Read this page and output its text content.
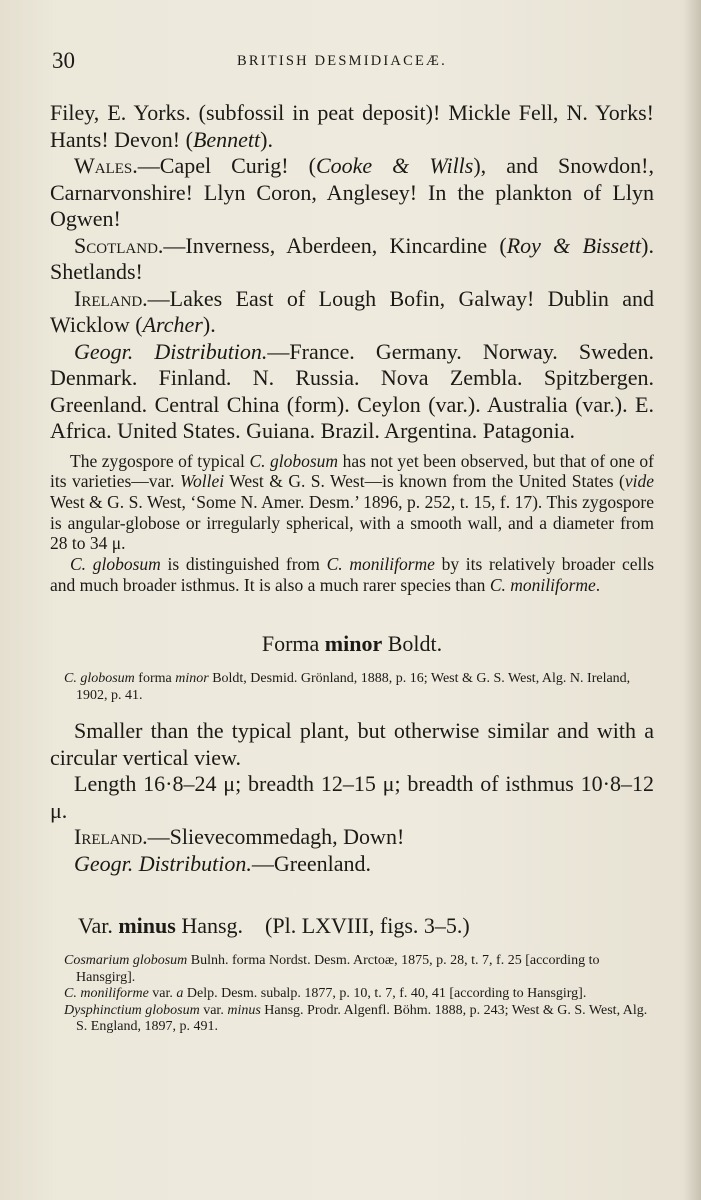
30	BRITISH DESMIDIACEÆ.

Filey, E. Yorks. (subfossil in peat deposit)! Mickle Fell, N. Yorks! Hants! Devon! (Bennett).

Wales.—Capel Curig! (Cooke & Wills), and Snowdon!, Carnarvonshire! Llyn Coron, Anglesey! In the plankton of Llyn Ogwen!

Scotland.—Inverness, Aberdeen, Kincardine (Roy & Bissett). Shetlands!

Ireland.—Lakes East of Lough Bofin, Galway! Dublin and Wicklow (Archer).

Geogr. Distribution.—France. Germany. Norway. Sweden. Denmark. Finland. N. Russia. Nova Zembla. Spitzbergen. Greenland. Central China (form). Ceylon (var.). Australia (var.). E. Africa. United States. Guiana. Brazil. Argentina. Patagonia.

The zygospore of typical C. globosum has not yet been observed, but that of one of its varieties—var. Wollei West & G. S. West—is known from the United States (vide West & G. S. West, ‘Some N. Amer. Desm.’ 1896, p. 252, t. 15, f. 17). This zygospore is angular-globose or irregularly spherical, with a smooth wall, and a diameter from 28 to 34 μ.

C. globosum is distinguished from C. moniliforme by its relatively broader cells and much broader isthmus. It is also a much rarer species than C. moniliforme.

Forma minor Boldt.

C. globosum forma minor Boldt, Desmid. Grönland, 1888, p. 16; West & G. S. West, Alg. N. Ireland, 1902, p. 41.

Smaller than the typical plant, but otherwise similar and with a circular vertical view.

Length 16·8–24 μ; breadth 12–15 μ; breadth of isthmus 10·8–12 μ.

Ireland.—Slievecommedagh, Down!

Geogr. Distribution.—Greenland.

Var. minus Hansg. (Pl. LXVIII, figs. 3–5.)

Cosmarium globosum Bulnh. forma Nordst. Desm. Arctoæ, 1875, p. 28, t. 7, f. 25 [according to Hansgirg].

C. moniliforme var. a Delp. Desm. subalp. 1877, p. 10, t. 7, f. 40, 41 [according to Hansgirg].

Dysphinctium globosum var. minus Hansg. Prodr. Algenfl. Böhm. 1888, p. 243; West & G. S. West, Alg. S. England, 1897, p. 491.
